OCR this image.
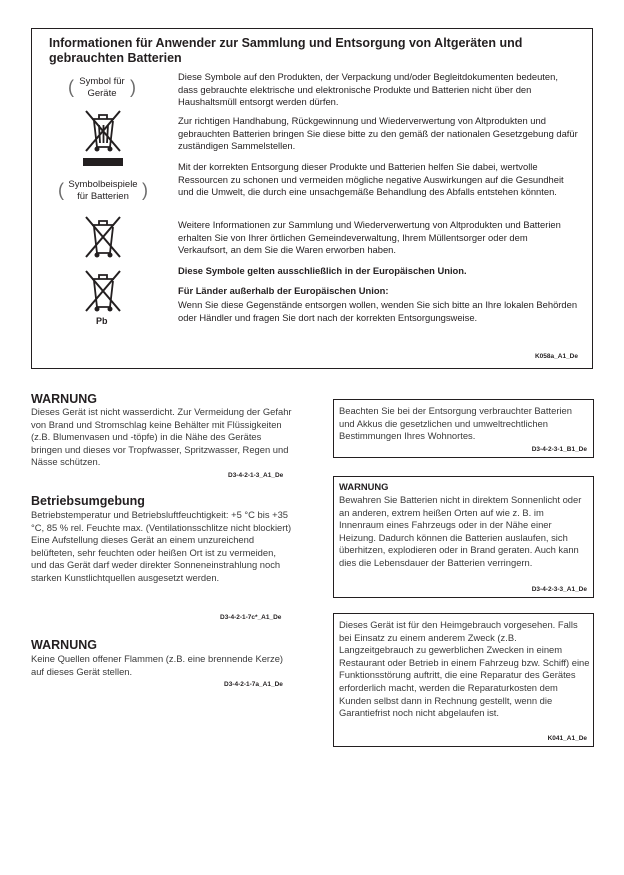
Informationen für Anwender zur Sammlung und Entsorgung von Altgeräten und gebrauchten Batterien
( Symbol für
Geräte )
( Symbolbeispiele
für Batterien )
Pb
Diese Symbole auf den Produkten, der Verpackung und/oder Begleitdokumenten bedeuten, dass gebrauchte elektrische und elektronische Produkte und Batterien nicht über den Haushaltsmüll entsorgt werden dürfen.
Zur richtigen Handhabung, Rückgewinnung und Wiederverwertung von Altprodukten und gebrauchten Batterien bringen Sie diese bitte zu den gemäß der nationalen Gesetzgebung dafür zuständigen Sammelstellen.
Mit der korrekten Entsorgung dieser Produkte und Batterien helfen Sie dabei, wertvolle Ressourcen zu schonen und vermeiden mögliche negative Auswirkungen auf die Gesundheit und die Umwelt, die durch eine unsachgemäße Behandlung des Abfalls entstehen könnten.
Weitere Informationen zur Sammlung und Wiederverwertung von Altprodukten und Batterien erhalten Sie von Ihrer örtlichen Gemeindeverwaltung, Ihrem Müllentsorger oder dem Verkaufsort, an dem Sie die Waren erworben haben.
Diese Symbole gelten ausschließlich in der Europäischen Union.
Für Länder außerhalb der Europäischen Union:
Wenn Sie diese Gegenstände entsorgen wollen, wenden Sie sich bitte an Ihre lokalen Behörden oder Händler und fragen Sie dort nach der korrekten Entsorgungsweise.
K058a_A1_De
WARNUNG
Dieses Gerät ist nicht wasserdicht. Zur Vermeidung der Gefahr von Brand und Stromschlag keine Behälter mit Flüssigkeiten (z.B. Blumenvasen und -töpfe) in die Nähe des Gerätes bringen und dieses vor Tropfwasser, Spritzwasser, Regen und Nässe schützen.
D3-4-2-1-3_A1_De
Betriebsumgebung
Betriebstemperatur und Betriebsluftfeuchtigkeit: +5 °C bis +35 °C, 85 % rel. Feuchte max. (Ventilationsschlitze nicht blockiert) Eine Aufstellung dieses Gerät an einem unzureichend belüfteten, sehr feuchten oder heißen Ort ist zu vermeiden, und das Gerät darf weder direkter Sonneneinstrahlung noch starken Kunstlichtquellen ausgesetzt werden.
D3-4-2-1-7c*_A1_De
WARNUNG
Keine Quellen offener Flammen (z.B. eine brennende Kerze) auf dieses Gerät stellen.
D3-4-2-1-7a_A1_De
Beachten Sie bei der Entsorgung verbrauchter Batterien und Akkus die gesetzlichen und umweltrechtlichen Bestimmungen Ihres Wohnortes.
D3-4-2-3-1_B1_De
WARNUNG
Bewahren Sie Batterien nicht in direktem Sonnenlicht oder an anderen, extrem heißen Orten auf wie z. B. im Innenraum eines Fahrzeugs oder in der Nähe einer Heizung. Dadurch können die Batterien auslaufen, sich überhitzen, explodieren oder in Brand geraten. Auch kann dies die Lebensdauer der Batterien verringern.
D3-4-2-3-3_A1_De
Dieses Gerät ist für den Heimgebrauch vorgesehen. Falls bei Einsatz zu einem anderem Zweck (z.B. Langzeitgebrauch zu gewerblichen Zwecken in einem Restaurant oder Betrieb in einem Fahrzeug bzw. Schiff) eine Funktionsstörung auftritt, die eine Reparatur des Gerätes erforderlich macht, werden die Reparaturkosten dem Kunden selbst dann in Rechnung gestellt, wenn die Garantiefrist noch nicht abgelaufen ist.
K041_A1_De
